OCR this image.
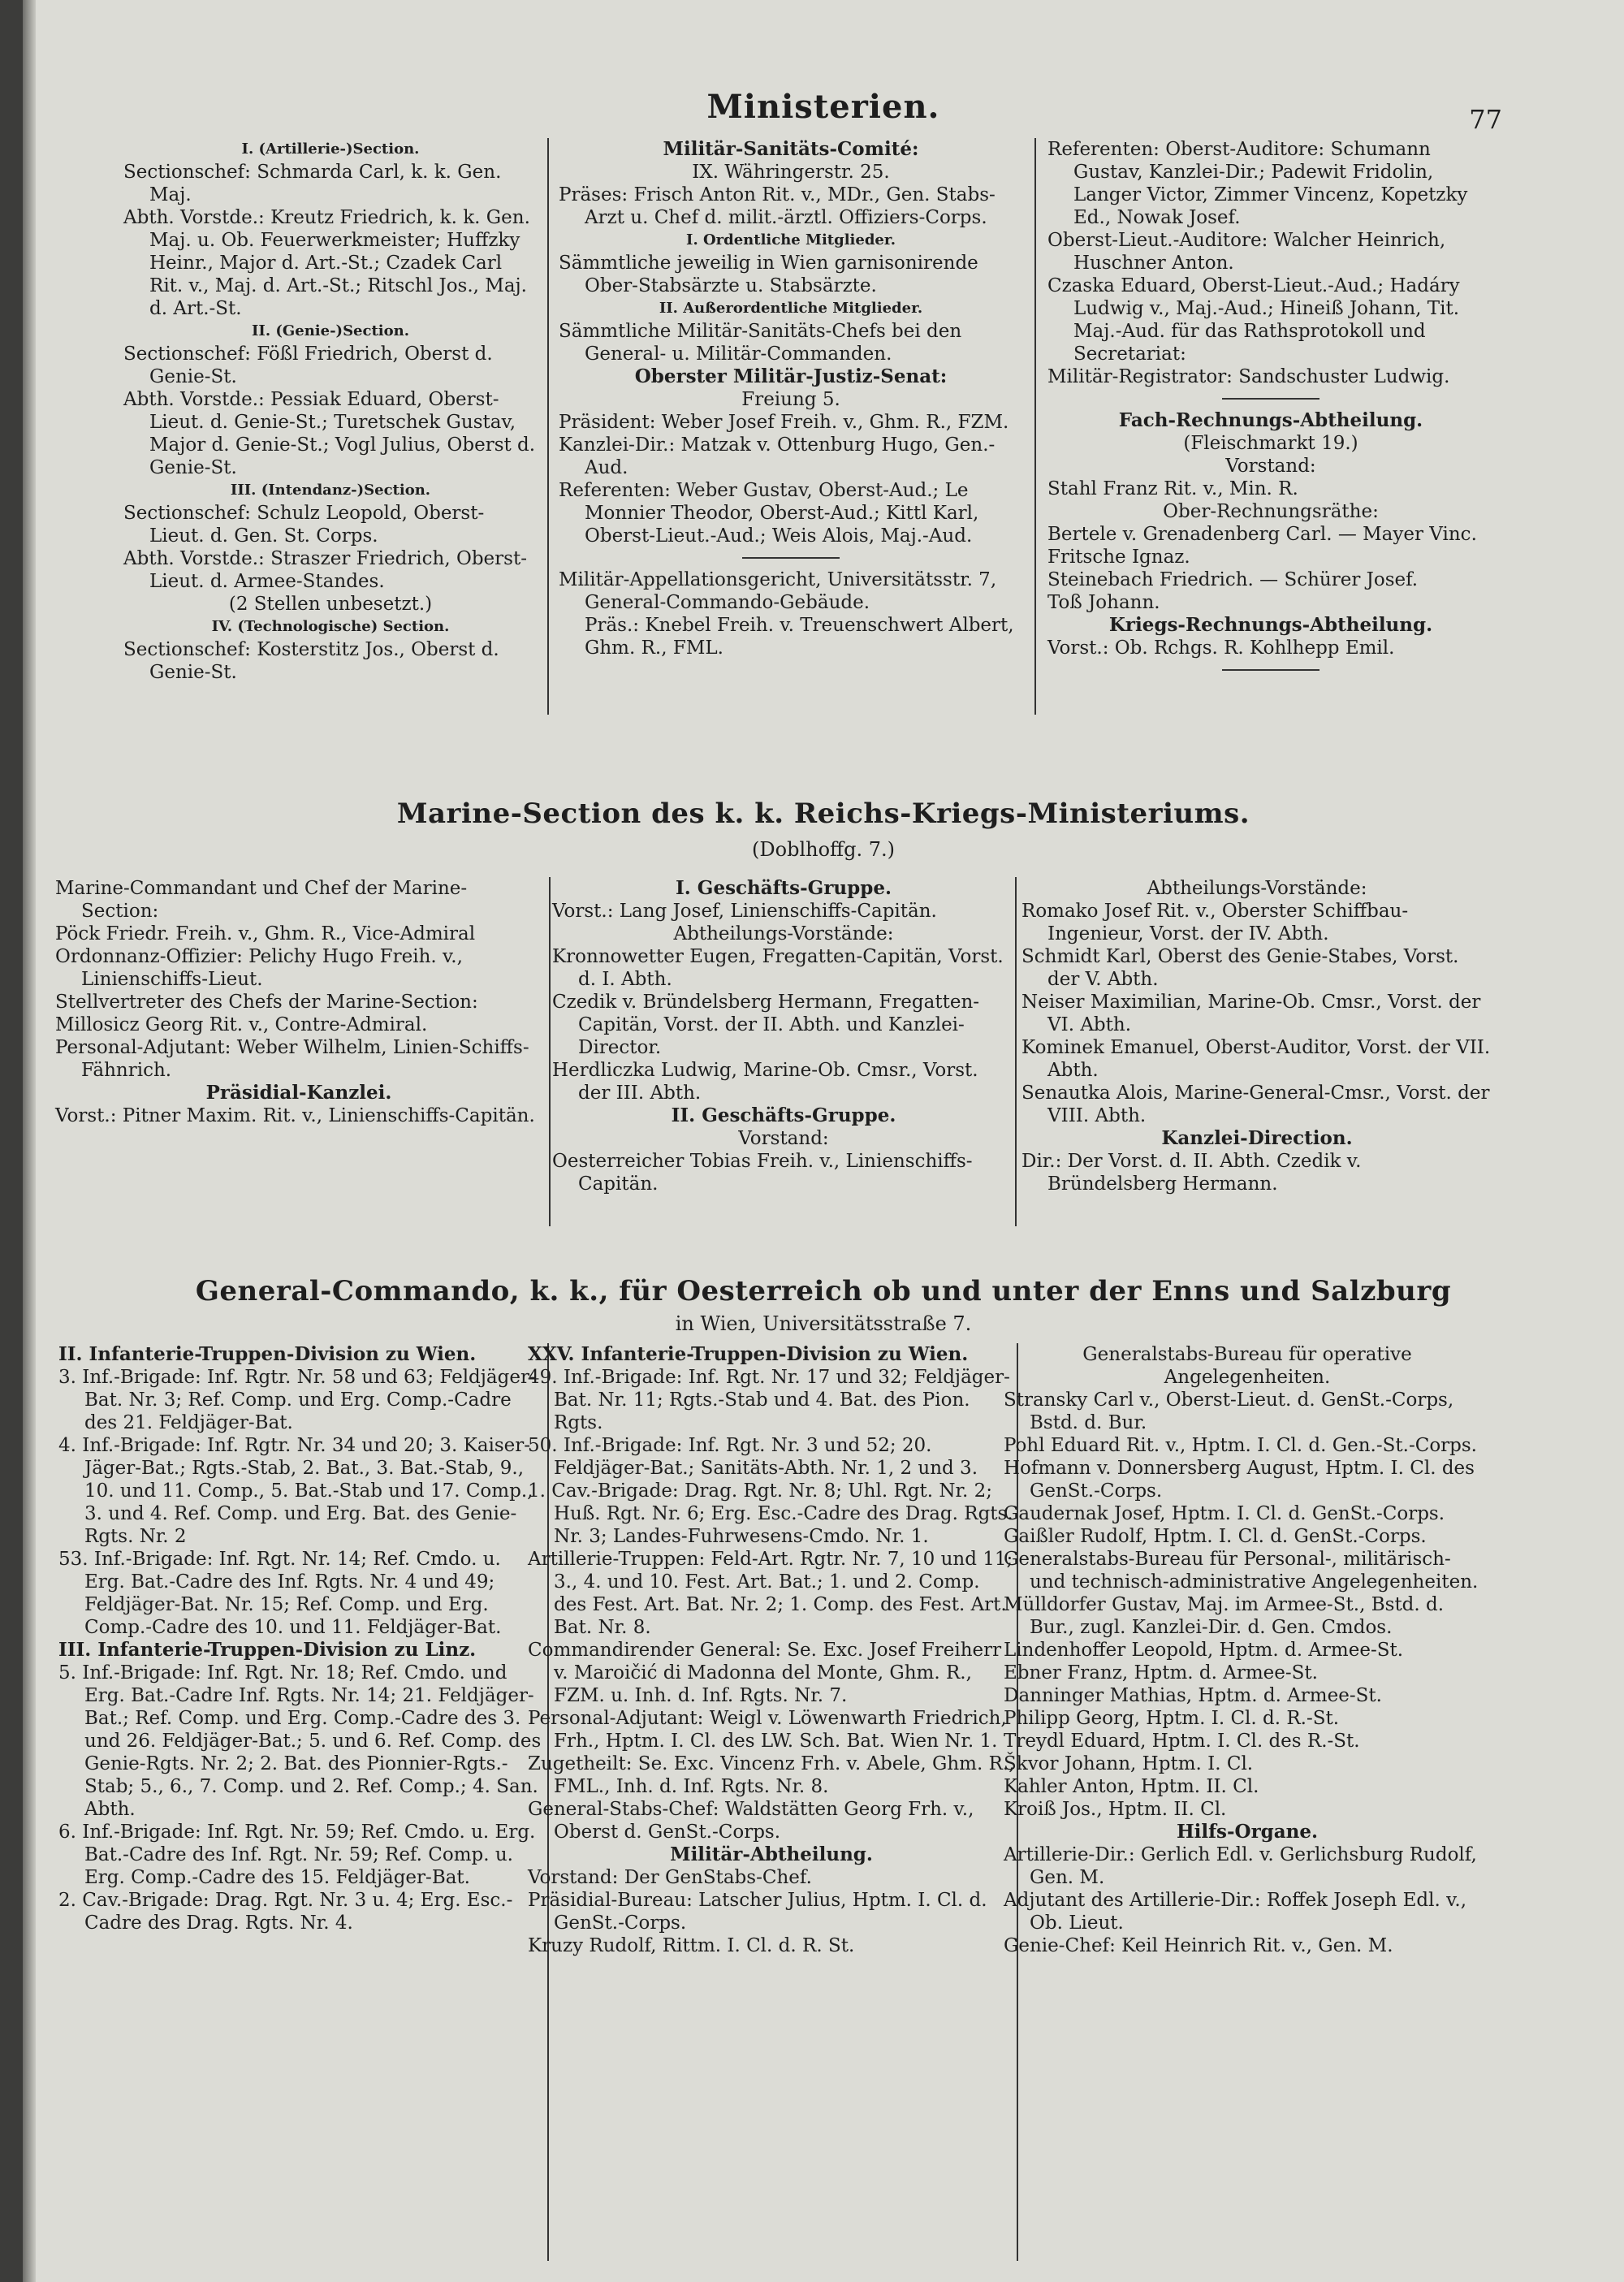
Ministerien.	77

I. (Artillerie-)Section.

Sectionschef: Schmarda Carl, k. k. Gen. Maj.

Abth. Vorstde.: Kreutz Friedrich, k. k. Gen. Maj. u. Ob. Feuerwerkmeister; Huffzky Heinr., Major d. Art.-St.; Czadek Carl Rit. v., Maj. d. Art.-St.; Ritschl Jos., Maj. d. Art.-St.

II. (Genie-)Section.

Sectionschef: Fößl Friedrich, Oberst d. Genie-St.

Abth. Vorstde.: Pessiak Eduard, Oberst-Lieut. d. Genie-St.; Turetschek Gustav, Major d. Genie-St.; Vogl Julius, Oberst d. Genie-St.

III. (Intendanz-)Section.

Sectionschef: Schulz Leopold, Oberst-Lieut. d. Gen. St. Corps.

Abth. Vorstde.: Straszer Friedrich, Oberst-Lieut. d. Armee-Standes.

(2 Stellen unbesetzt.)

IV. (Technologische) Section.

Sectionschef: Kosterstitz Jos., Oberst d. Genie-St.

Militär-Sanitäts-Comité:

IX. Währingerstr. 25.

Präses: Frisch Anton Rit. v., MDr., Gen. Stabs-Arzt u. Chef d. milit.-ärztl. Offiziers-Corps.

I. Ordentliche Mitglieder.

Sämmtliche jeweilig in Wien garnisonirende Ober-Stabsärzte u. Stabsärzte.

II. Außerordentliche Mitglieder.

Sämmtliche Militär-Sanitäts-Chefs bei den General- u. Militär-Commanden.

Oberster Militär-Justiz-Senat:

Freiung 5.

Präsident: Weber Josef Freih. v., Ghm. R., FZM.

Kanzlei-Dir.: Matzak v. Ottenburg Hugo, Gen.-Aud.

Referenten: Weber Gustav, Oberst-Aud.; Le Monnier Theodor, Oberst-Aud.; Kittl Karl, Oberst-Lieut.-Aud.; Weis Alois, Maj.-Aud.

Militär-Appellationsgericht, Universitätsstr. 7, General-Commando-Gebäude.

Präs.: Knebel Freih. v. Treuenschwert Albert, Ghm. R., FML.

Referenten: Oberst-Auditore: Schumann Gustav, Kanzlei-Dir.; Padewit Fridolin, Langer Victor, Zimmer Vincenz, Kopetzky Ed., Nowak Josef.

Oberst-Lieut.-Auditore: Walcher Heinrich, Huschner Anton.

Czaska Eduard, Oberst-Lieut.-Aud.; Hadáry Ludwig v., Maj.-Aud.; Hineiß Johann, Tit. Maj.-Aud. für das Rathsprotokoll und Secretariat:

Militär-Registrator: Sandschuster Ludwig.

Fach-Rechnungs-Abtheilung.

(Fleischmarkt 19.)

Vorstand:

Stahl Franz Rit. v., Min. R.

Ober-Rechnungsräthe:

Bertele v. Grenadenberg Carl. — Mayer Vinc.

Fritsche Ignaz.

Steinebach Friedrich. — Schürer Josef.

Toß Johann.

Kriegs-Rechnungs-Abtheilung.

Vorst.: Ob. Rchgs. R. Kohlhepp Emil.

Marine-Section des k. k. Reichs-Kriegs-Ministeriums.
(Doblhoffg. 7.)

Marine-Commandant und Chef der Marine-Section:

Pöck Friedr. Freih. v., Ghm. R., Vice-Admiral

Ordonnanz-Offizier: Pelichy Hugo Freih. v., Linienschiffs-Lieut.

Stellvertreter des Chefs der Marine-Section:

Millosicz Georg Rit. v., Contre-Admiral.

Personal-Adjutant: Weber Wilhelm, Linien-Schiffs-Fähnrich.

Präsidial-Kanzlei.

Vorst.: Pitner Maxim. Rit. v., Linienschiffs-Capitän.

I. Geschäfts-Gruppe.

Vorst.: Lang Josef, Linienschiffs-Capitän.

Abtheilungs-Vorstände:

Kronnowetter Eugen, Fregatten-Capitän, Vorst. d. I. Abth.

Czedik v. Bründelsberg Hermann, Fregatten-Capitän, Vorst. der II. Abth. und Kanzlei-Director.

Herdliczka Ludwig, Marine-Ob. Cmsr., Vorst. der III. Abth.

II. Geschäfts-Gruppe.

Vorstand:

Oesterreicher Tobias Freih. v., Linienschiffs-Capitän.

Abtheilungs-Vorstände:

Romako Josef Rit. v., Oberster Schiffbau-Ingenieur, Vorst. der IV. Abth.

Schmidt Karl, Oberst des Genie-Stabes, Vorst. der V. Abth.

Neiser Maximilian, Marine-Ob. Cmsr., Vorst. der VI. Abth.

Kominek Emanuel, Oberst-Auditor, Vorst. der VII. Abth.

Senautka Alois, Marine-General-Cmsr., Vorst. der VIII. Abth.

Kanzlei-Direction.

Dir.: Der Vorst. d. II. Abth. Czedik v. Bründelsberg Hermann.

General-Commando, k. k., für Oesterreich ob und unter der Enns und Salzburg
in Wien, Universitätsstraße 7.

II. Infanterie-Truppen-Division zu Wien.

3. Inf.-Brigade: Inf. Rgtr. Nr. 58 und 63; Feldjäger-Bat. Nr. 3; Ref. Comp. und Erg. Comp.-Cadre des 21. Feldjäger-Bat.

4. Inf.-Brigade: Inf. Rgtr. Nr. 34 und 20; 3. Kaiser-Jäger-Bat.; Rgts.-Stab, 2. Bat., 3. Bat.-Stab, 9., 10. und 11. Comp., 5. Bat.-Stab und 17. Comp., 3. und 4. Ref. Comp. und Erg. Bat. des Genie-Rgts. Nr. 2

53. Inf.-Brigade: Inf. Rgt. Nr. 14; Ref. Cmdo. u. Erg. Bat.-Cadre des Inf. Rgts. Nr. 4 und 49; Feldjäger-Bat. Nr. 15; Ref. Comp. und Erg. Comp.-Cadre des 10. und 11. Feldjäger-Bat.

III. Infanterie-Truppen-Division zu Linz.

5. Inf.-Brigade: Inf. Rgt. Nr. 18; Ref. Cmdo. und Erg. Bat.-Cadre Inf. Rgts. Nr. 14; 21. Feldjäger-Bat.; Ref. Comp. und Erg. Comp.-Cadre des 3. und 26. Feldjäger-Bat.; 5. und 6. Ref. Comp. des Genie-Rgts. Nr. 2; 2. Bat. des Pionnier-Rgts.-Stab; 5., 6., 7. Comp. und 2. Ref. Comp.; 4. San. Abth.

6. Inf.-Brigade: Inf. Rgt. Nr. 59; Ref. Cmdo. u. Erg. Bat.-Cadre des Inf. Rgt. Nr. 59; Ref. Comp. u. Erg. Comp.-Cadre des 15. Feldjäger-Bat.

2. Cav.-Brigade: Drag. Rgt. Nr. 3 u. 4; Erg. Esc.-Cadre des Drag. Rgts. Nr. 4.

XXV. Infanterie-Truppen-Division zu Wien.

49. Inf.-Brigade: Inf. Rgt. Nr. 17 und 32; Feldjäger-Bat. Nr. 11; Rgts.-Stab und 4. Bat. des Pion. Rgts.

50. Inf.-Brigade: Inf. Rgt. Nr. 3 und 52; 20. Feldjäger-Bat.; Sanitäts-Abth. Nr. 1, 2 und 3.

1. Cav.-Brigade: Drag. Rgt. Nr. 8; Uhl. Rgt. Nr. 2; Huß. Rgt. Nr. 6; Erg. Esc.-Cadre des Drag. Rgts. Nr. 3; Landes-Fuhrwesens-Cmdo. Nr. 1.

Artillerie-Truppen: Feld-Art. Rgtr. Nr. 7, 10 und 11; 3., 4. und 10. Fest. Art. Bat.; 1. und 2. Comp. des Fest. Art. Bat. Nr. 2; 1. Comp. des Fest. Art. Bat. Nr. 8.

Commandirender General: Se. Exc. Josef Freiherr v. Maroičić di Madonna del Monte, Ghm. R., FZM. u. Inh. d. Inf. Rgts. Nr. 7.

Personal-Adjutant: Weigl v. Löwenwarth Friedrich, Frh., Hptm. I. Cl. des LW. Sch. Bat. Wien Nr. 1.

Zugetheilt: Se. Exc. Vincenz Frh. v. Abele, Ghm. R., FML., Inh. d. Inf. Rgts. Nr. 8.

General-Stabs-Chef: Waldstätten Georg Frh. v., Oberst d. GenSt.-Corps.

Militär-Abtheilung.

Vorstand: Der GenStabs-Chef.

Präsidial-Bureau: Latscher Julius, Hptm. I. Cl. d. GenSt.-Corps.

Kruzy Rudolf, Rittm. I. Cl. d. R. St.

Generalstabs-Bureau für operative Angelegenheiten.

Stransky Carl v., Oberst-Lieut. d. GenSt.-Corps, Bstd. d. Bur.

Pohl Eduard Rit. v., Hptm. I. Cl. d. Gen.-St.-Corps.

Hofmann v. Donnersberg August, Hptm. I. Cl. des GenSt.-Corps.

Gaudernak Josef, Hptm. I. Cl. d. GenSt.-Corps.

Gaißler Rudolf, Hptm. I. Cl. d. GenSt.-Corps.

Generalstabs-Bureau für Personal-, militärisch- und technisch-administrative Angelegenheiten.

Mülldorfer Gustav, Maj. im Armee-St., Bstd. d. Bur., zugl. Kanzlei-Dir. d. Gen. Cmdos.

Lindenhoffer Leopold, Hptm. d. Armee-St.

Ebner Franz, Hptm. d. Armee-St.

Danninger Mathias, Hptm. d. Armee-St.

Philipp Georg, Hptm. I. Cl. d. R.-St.

Treydl Eduard, Hptm. I. Cl. des R.-St.

Škvor Johann, Hptm. I. Cl.

Kahler Anton, Hptm. II. Cl.

Kroiß Jos., Hptm. II. Cl.

Hilfs-Organe.

Artillerie-Dir.: Gerlich Edl. v. Gerlichsburg Rudolf, Gen. M.

Adjutant des Artillerie-Dir.: Roffek Joseph Edl. v., Ob. Lieut.

Genie-Chef: Keil Heinrich Rit. v., Gen. M.
